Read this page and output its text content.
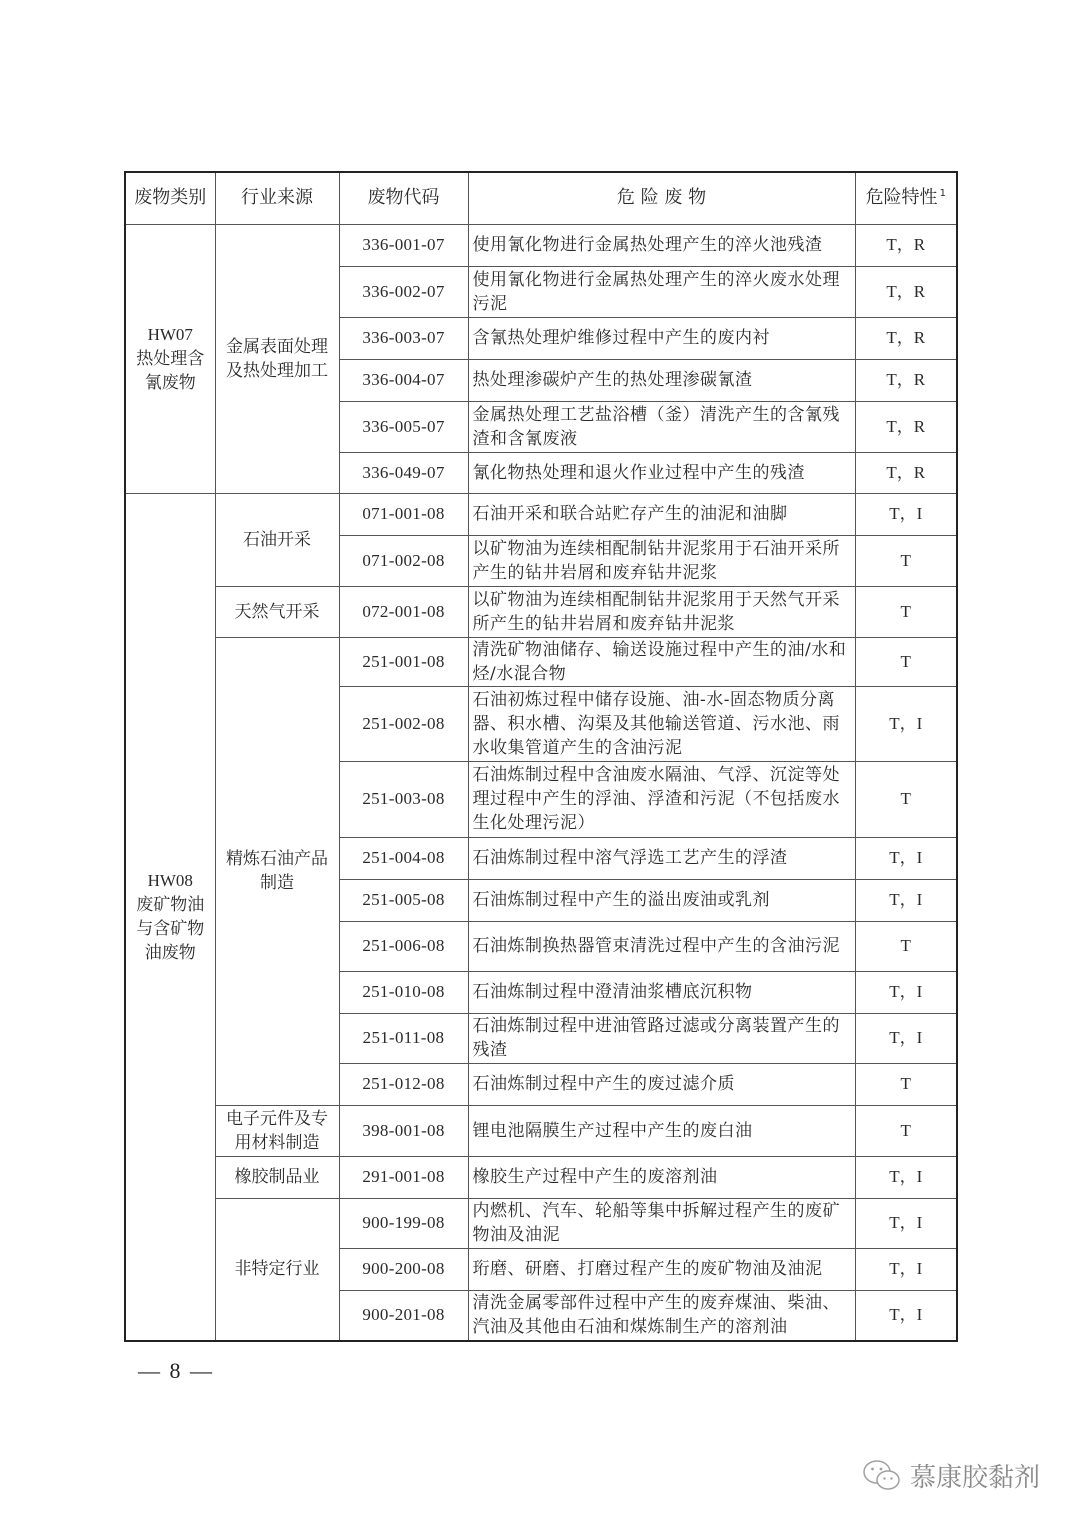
废物类别	行业来源	废物代码	危 险 废 物	危险特性 $^1$

HW07
热处理含氰废物	金属表面处理及热处理加工	336-001-07	使用氰化物进行金属热处理产生的淬火池残渣	T，R
		336-002-07	使用氰化物进行金属热处理产生的淬火废水处理污泥	T，R
		336-003-07	含氰热处理炉维修过程中产生的废内衬	T，R
		336-004-07	热处理渗碳炉产生的热处理渗碳氰渣	T，R
		336-005-07	金属热处理工艺盐浴槽（釜）清洗产生的含氰残渣和含氰废液	T，R
		336-049-07	氰化物热处理和退火作业过程中产生的残渣	T，R

HW08
废矿物油与含矿物油废物	石油开采	071-001-08	石油开采和联合站贮存产生的油泥和油脚	T，I
		071-002-08	以矿物油为连续相配制钻井泥浆用于石油开采所产生的钻井岩屑和废弃钻井泥浆	T
	天然气开采	072-001-08	以矿物油为连续相配制钻井泥浆用于天然气开采所产生的钻井岩屑和废弃钻井泥浆	T
	精炼石油产品制造	251-001-08	清洗矿物油储存、输送设施过程中产生的油/水和烃/水混合物	T
		251-002-08	石油初炼过程中储存设施、油-水-固态物质分离器、积水槽、沟渠及其他输送管道、污水池、雨水收集管道产生的含油污泥	T，I
		251-003-08	石油炼制过程中含油废水隔油、气浮、沉淀等处理过程中产生的浮油、浮渣和污泥（不包括废水生化处理污泥）	T
		251-004-08	石油炼制过程中溶气浮选工艺产生的浮渣	T，I
		251-005-08	石油炼制过程中产生的溢出废油或乳剂	T，I
		251-006-08	石油炼制换热器管束清洗过程中产生的含油污泥	T
		251-010-08	石油炼制过程中澄清油浆槽底沉积物	T，I
		251-011-08	石油炼制过程中进油管路过滤或分离装置产生的残渣	T，I
		251-012-08	石油炼制过程中产生的废过滤介质	T
	电子元件及专用材料制造	398-001-08	锂电池隔膜生产过程中产生的废白油	T
	橡胶制品业	291-001-08	橡胶生产过程中产生的废溶剂油	T，I
	非特定行业	900-199-08	内燃机、汽车、轮船等集中拆解过程产生的废矿物油及油泥	T，I
		900-200-08	珩磨、研磨、打磨过程产生的废矿物油及油泥	T，I
		900-201-08	清洗金属零部件过程中产生的废弃煤油、柴油、汽油及其他由石油和煤炼制生产的溶剂油	T，I
— 8 —
慕康胶黏剂
